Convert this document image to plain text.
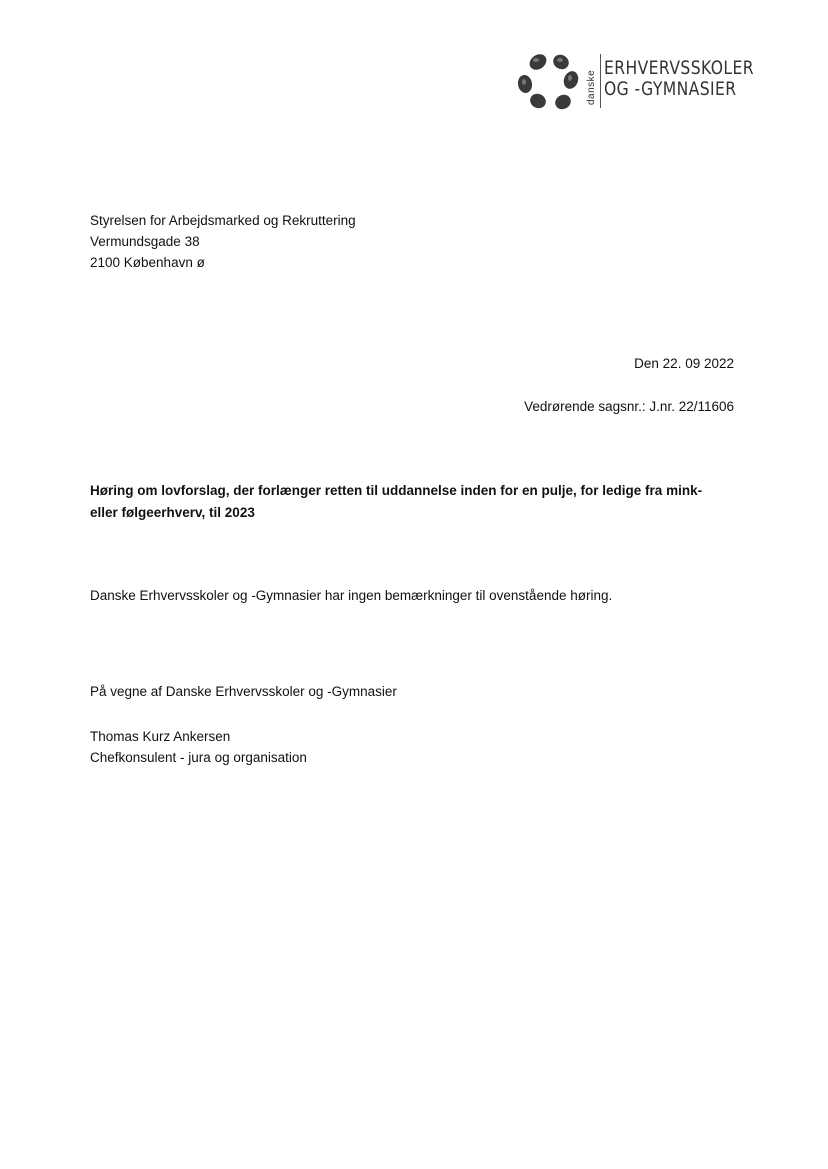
danske
ERHVERVSSKOLER
OG -GYMNASIER
Styrelsen for Arbejdsmarked og Rekruttering
Vermundsgade 38
2100 København ø
Den 22. 09 2022
Vedrørende sagsnr.: J.nr. 22/11606
Høring om lovforslag, der forlænger retten til uddannelse inden for en pulje, for ledige fra mink- eller følgeerhverv, til 2023
Danske Erhvervsskoler og -Gymnasier har ingen bemærkninger til ovenstående høring.
På vegne af Danske Erhvervsskoler og -Gymnasier
Thomas Kurz Ankersen
Chefkonsulent - jura og organisation
